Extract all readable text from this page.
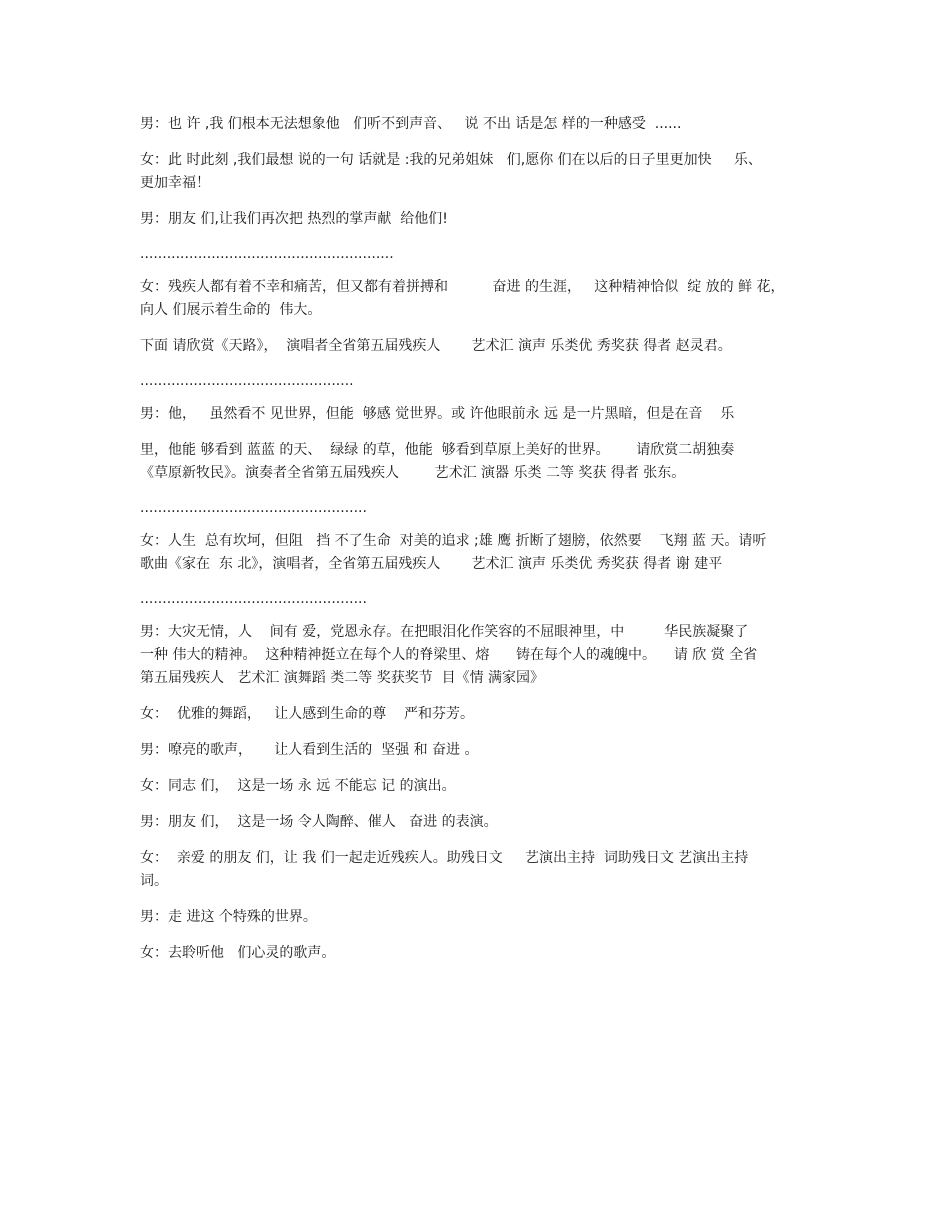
男：也 许 ,我 们根本无法想象他   们听不到声音、   说 不出 话是怎 样的一种感受  ......
女：此 时此刻 ,我们最想 说的一句 话就是 :我的兄弟姐妹   们,愿你 们在以后的日子里更加快     乐、
更加幸福！
男：朋友 们,让我们再次把 热烈的掌声献  给他们!
.........................................................
女：残疾人都有着不幸和痛苦，但又都有着拼搏和          奋进 的生涯，   这种精神恰似  绽 放的 鲜 花，
向人 们展示着生命的  伟大。
下面 请欣赏《天路》，  演唱者全省第五届残疾人       艺术汇 演声 乐类优 秀奖获 得者 赵灵君。
................................................
男：他，   虽然看不 见世界，但能  够感 觉世界。或 许他眼前永 远 是一片黑暗，但是在音    乐
里，他能 够看到 蓝蓝 的天、  绿绿 的草，他能  够看到草原上美好的世界。      请欣赏二胡独奏
《草原新牧民》。演奏者全省第五届残疾人        艺术汇 演器 乐类 二等 奖获 得者 张东。
...................................................
女：人生  总有坎坷，但阻   挡 不了生命  对美的追求 ;雄 鹰 折断了翅膀，依然要    飞翔 蓝 天。请听
歌曲《家在  东 北》，演唱者，全省第五届残疾人       艺术汇 演声 乐类优 秀奖获 得者 谢 建平
...................................................
男：大灾无情，人    间有 爱，党恩永存。在把眼泪化作笑容的不屈眼神里，中         华民族凝聚了
一种 伟大的精神。  这种精神挺立在每个人的脊梁里、熔      铸在每个人的魂魄中。    请 欣 赏 全省
第五届残疾人   艺术汇 演舞蹈 类二等 奖获奖节  目《情 满家园》
女：  优雅的舞蹈，   让人感到生命的尊    严和芬芳。
男：嘹亮的歌声，     让人看到生活的  坚强 和 奋进 。
女：同志 们，  这是一场 永 远 不能忘 记 的演出。
男：朋友 们，  这是一场 令人陶醉、催人   奋进 的表演。
女：  亲爱 的朋友 们，让 我 们一起走近残疾人。助残日文     艺演出主持  词助残日文 艺演出主持
词。
男：走 进这 个特殊的世界。
女：去聆听他   们心灵的歌声。
